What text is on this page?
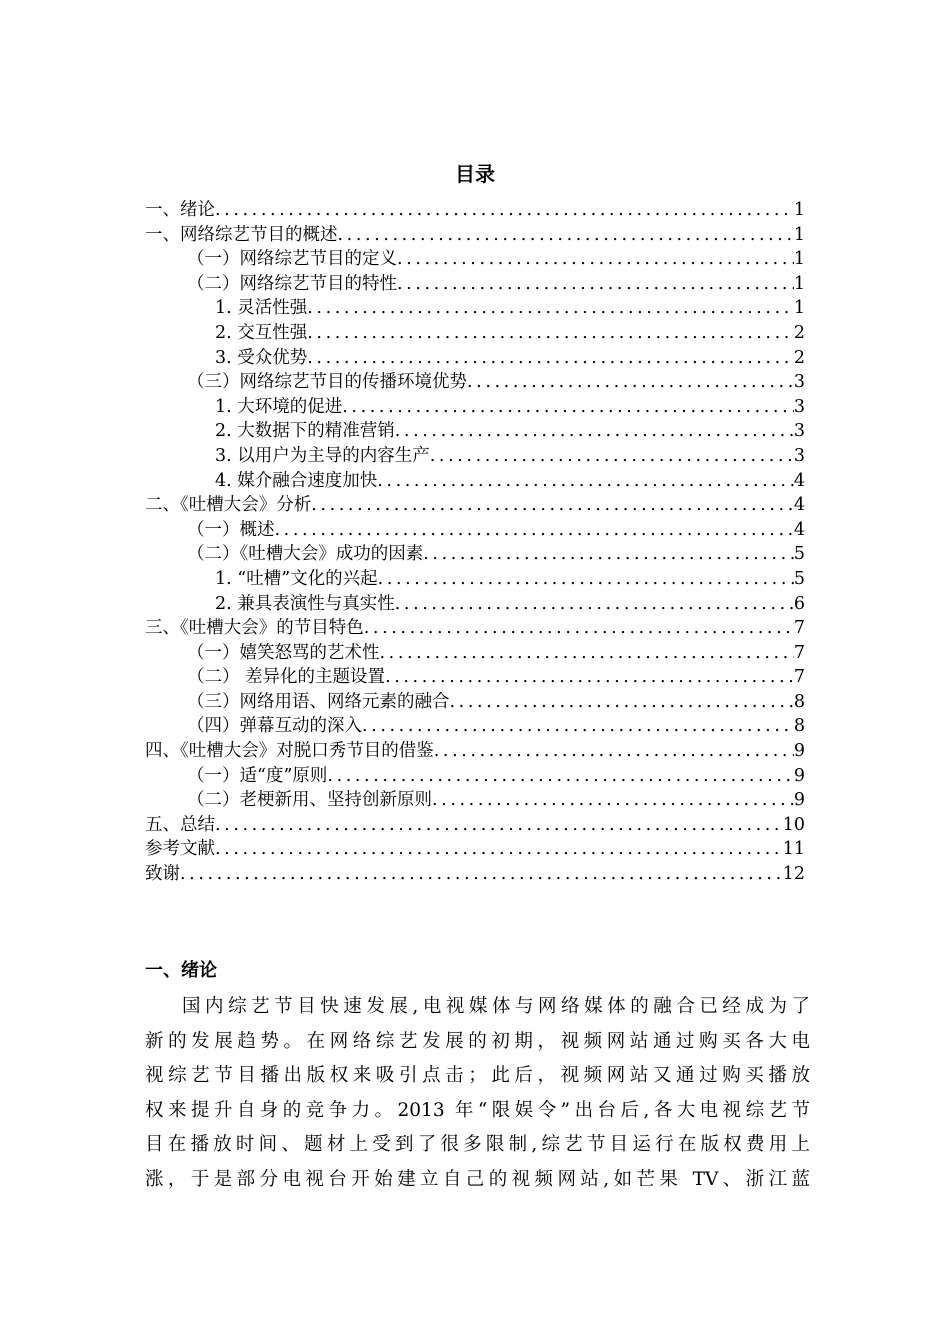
目录
一、绪论 .....	1
一、网络综艺节目的概述 .....	1
（一）网络综艺节目的定义 .....	1
（二）网络综艺节目的特性 .....	1
1. 灵活性强 .....	1
2. 交互性强 .....	2
3. 受众优势 .....	2
（三）网络综艺节目的传播环境优势 .....	3
1. 大环境的促进 .....	3
2. 大数据下的精准营销 .....	3
3. 以用户为主导的内容生产 .....	3
4. 媒介融合速度加快 .....	4
二、《吐槽大会》分析 .....	4
（一）概述 .....	4
（二）《吐槽大会》成功的因素 .....	5
1. “吐槽”文化的兴起 .....	5
2. 兼具表演性与真实性 .....	6
三、《吐槽大会》的节目特色 .....	7
（一）嬉笑怒骂的艺术性 .....	7
（二） 差异化的主题设置 .....	7
（三）网络用语、网络元素的融合 .....	8
（四）弹幕互动的深入 .....	8
四、《吐槽大会》对脱口秀节目的借鉴 .....	9
（一）适“度”原则 .....	9
（二）老梗新用、坚持创新原则 .....	9
五、总结 .....	10
参考文献 .....	11
致谢 .....	12
一、绪论
国内综艺节目快速发展,电视媒体与网络媒体的融合已经成为了
新的发展趋势。在网络综艺发展的初期，视频网站通过购买各大电
视综艺节目播出版权来吸引点击；此后，视频网站又通过购买播放
权来提升自身的竞争力。2013 年“限娱令”出台后,各大电视综艺节
目在播放时间、题材上受到了很多限制,综艺节目运行在版权费用上
涨，于是部分电视台开始建立自己的视频网站,如芒果 TV、浙江蓝
